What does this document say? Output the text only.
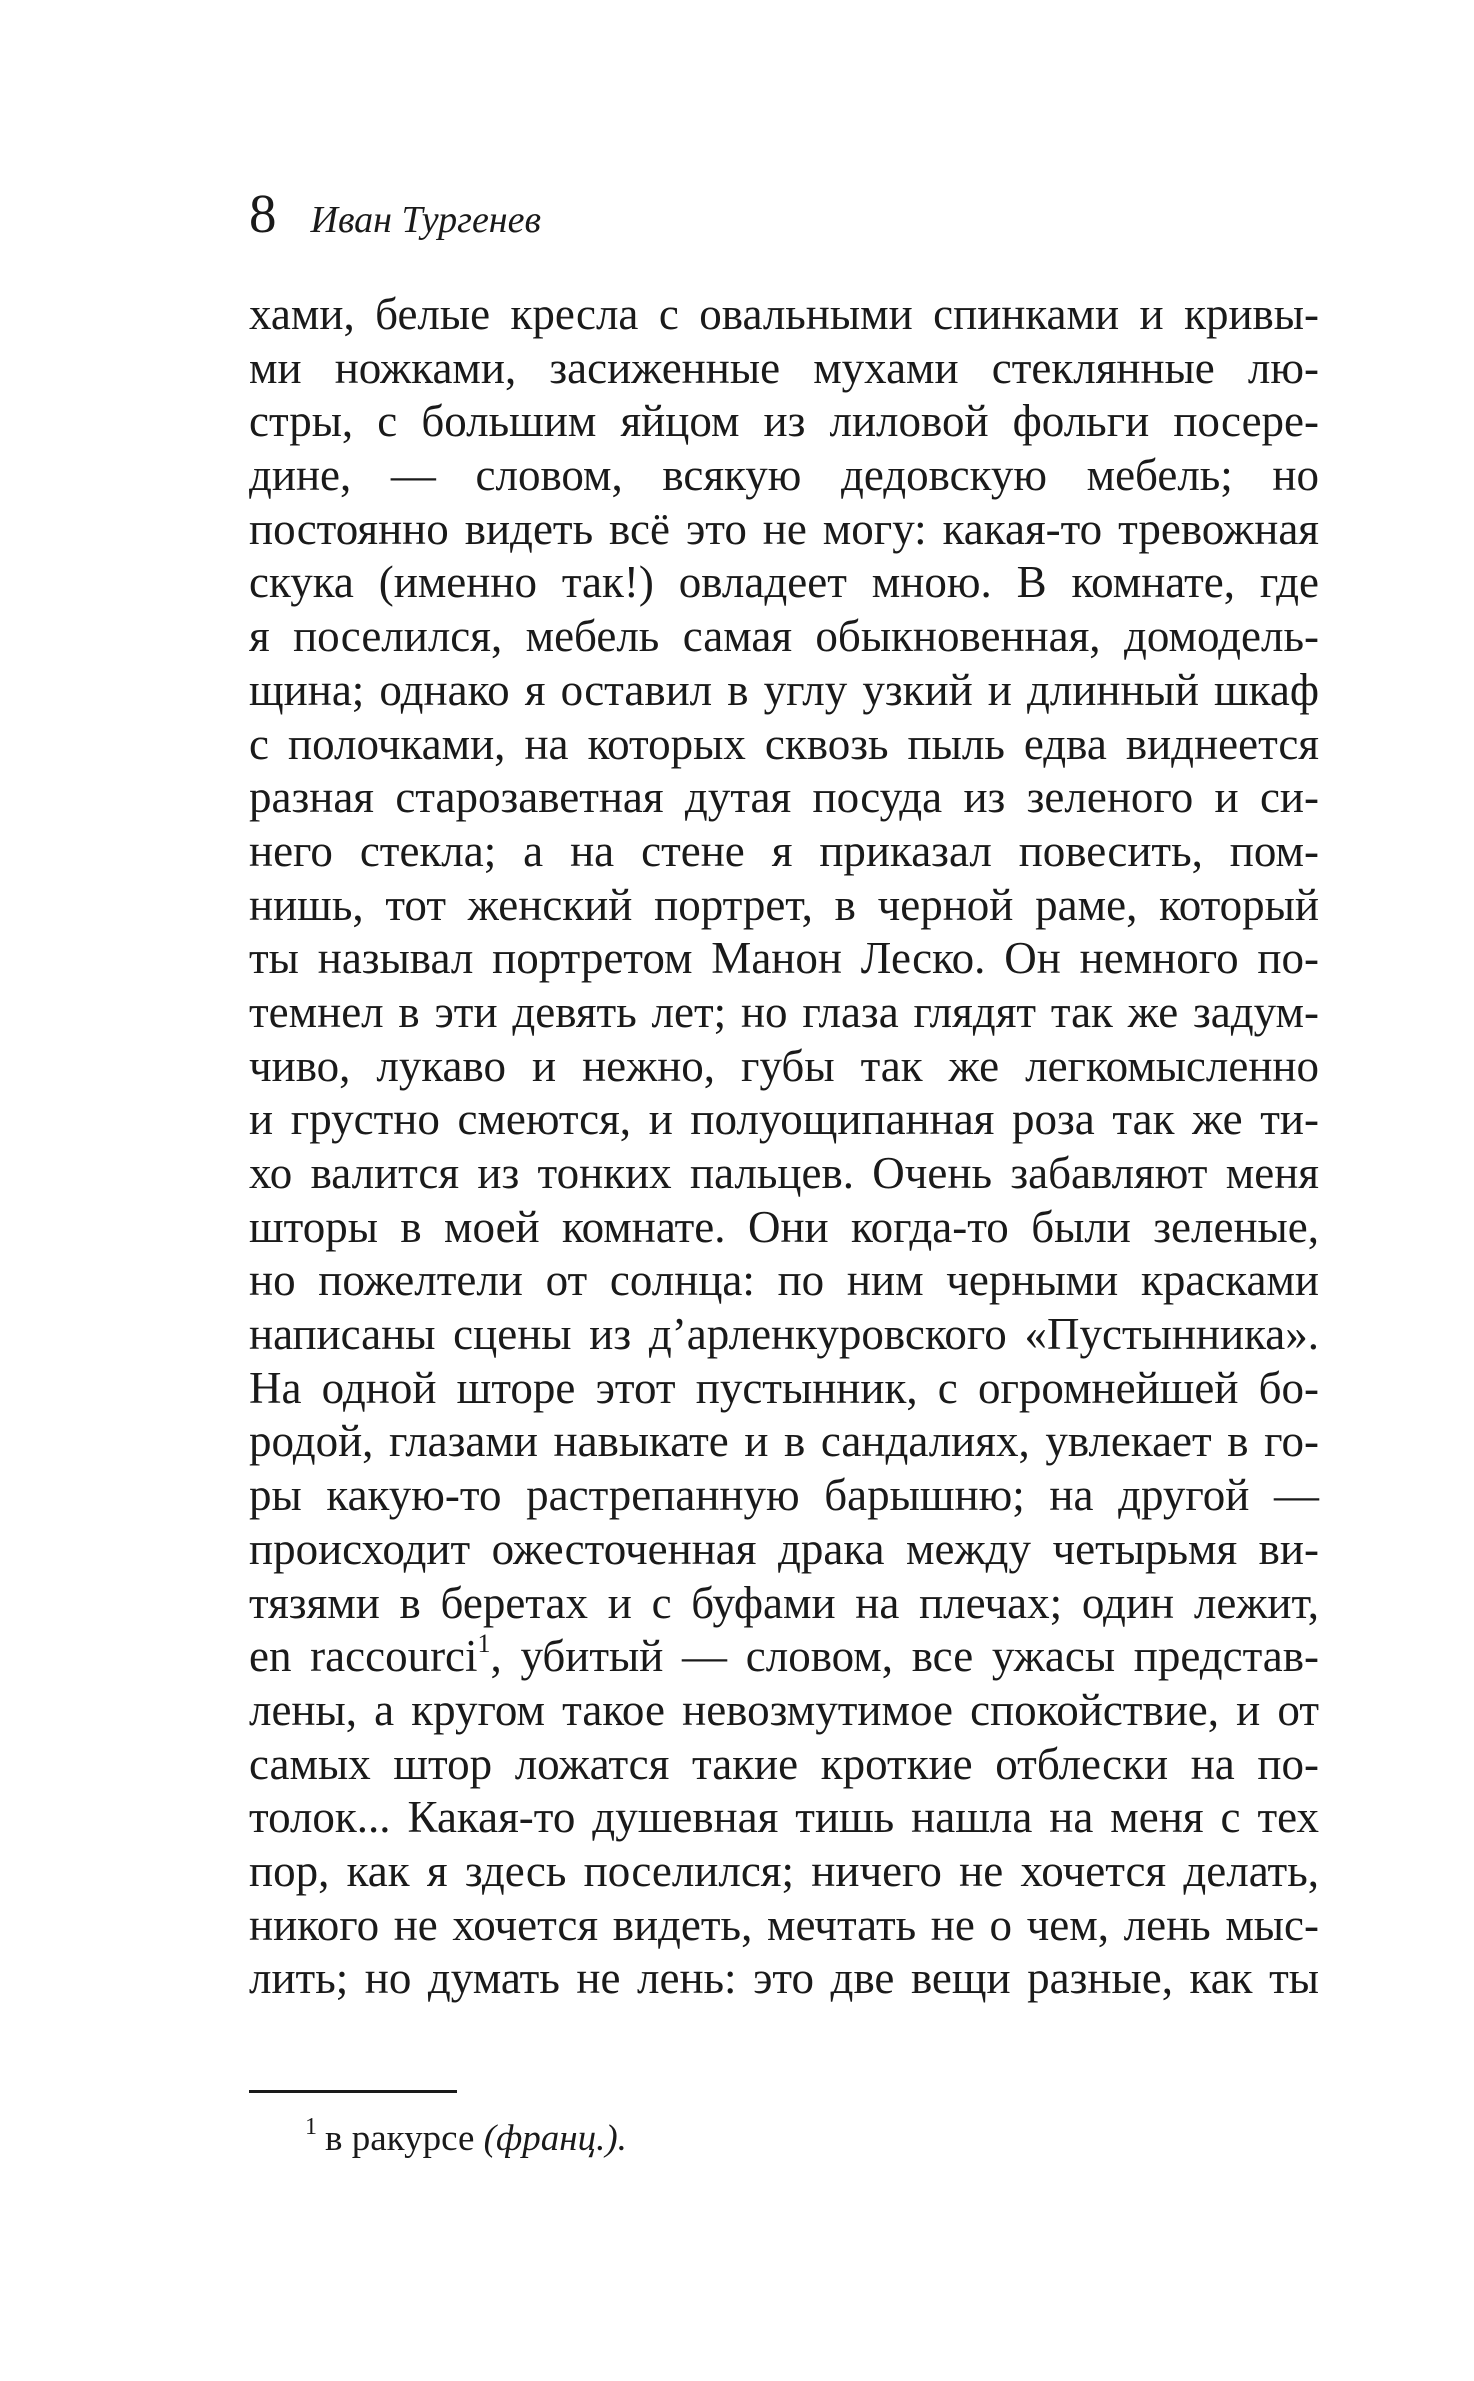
8 Иван Тургенев
хами, белые кресла с овальными спинками и кривы-
ми ножками, засиженные мухами стеклянные лю-
стры, с большим яйцом из лиловой фольги посере-
дине, — словом, всякую дедовскую мебель; но
постоянно видеть всё это не могу: какая-то тревожная
скука (именно так!) овладеет мною. В комнате, где
я поселился, мебель самая обыкновенная, домодель-
щина; однако я оставил в углу узкий и длинный шкаф
с полочками, на которых сквозь пыль едва виднеется
разная старозаветная дутая посуда из зеленого и си-
него стекла; а на стене я приказал повесить, пом-
нишь, тот женский портрет, в черной раме, который
ты называл портретом Манон Леско. Он немного по-
темнел в эти девять лет; но глаза глядят так же задум-
чиво, лукаво и нежно, губы так же легкомысленно
и грустно смеются, и полуощипанная роза так же ти-
хо валится из тонких пальцев. Очень забавляют меня
шторы в моей комнате. Они когда-то были зеленые,
но пожелтели от солнца: по ним черными красками
написаны сцены из д’арленкуровского «Пустынника».
На одной шторе этот пустынник, с огромнейшей бо-
родой, глазами навыкате и в сандалиях, увлекает в го-
ры какую-то растрепанную барышню; на другой —
происходит ожесточенная драка между четырьмя ви-
тязями в беретах и с буфами на плечах; один лежит,
en raccourci$^1$, убитый — словом, все ужасы представ-
лены, а кругом такое невозмутимое спокойствие, и от
самых штор ложатся такие кроткие отблески на по-
толок... Какая-то душевная тишь нашла на меня с тех
пор, как я здесь поселился; ничего не хочется делать,
никого не хочется видеть, мечтать не о чем, лень мыс-
лить; но думать не лень: это две вещи разные, как ты
$^1$ в ракурсе (франц.).
